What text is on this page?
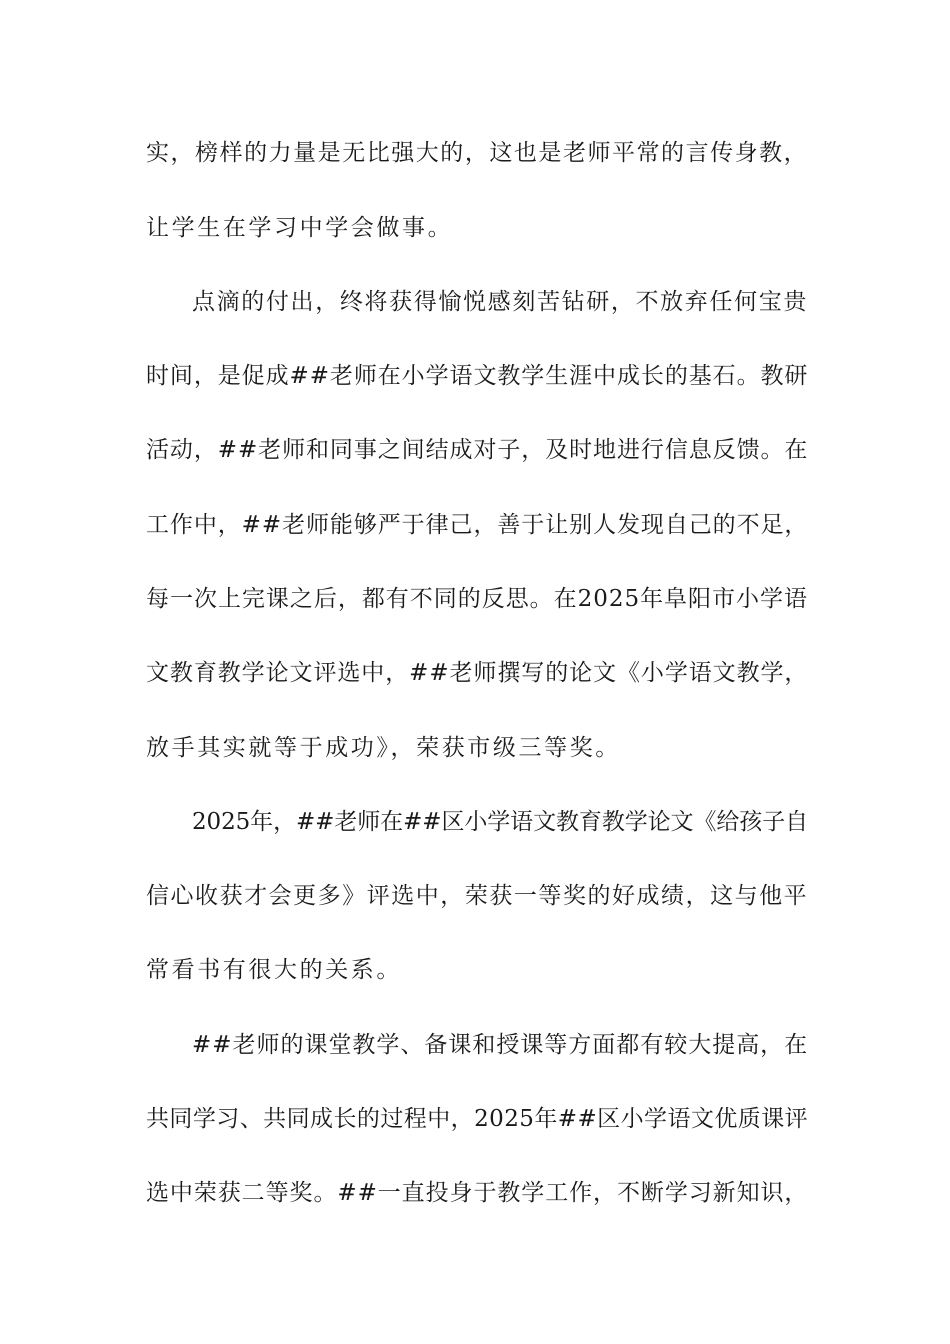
实，榜样的力量是无比强大的，这也是老师平常的言传身教，
让学生在学习中学会做事。
点滴的付出，终将获得愉悦感刻苦钻研，不放弃任何宝贵
时间，是促成##老师在小学语文教学生涯中成长的基石。教研
活动，##老师和同事之间结成对子，及时地进行信息反馈。在
工作中，##老师能够严于律己，善于让别人发现自己的不足，
每一次上完课之后，都有不同的反思。在2025年阜阳市小学语
文教育教学论文评选中，##老师撰写的论文《小学语文教学，
放手其实就等于成功》，荣获市级三等奖。
2025年，##老师在##区小学语文教育教学论文《给孩子自
信心收获才会更多》评选中，荣获一等奖的好成绩，这与他平
常看书有很大的关系。
##老师的课堂教学、备课和授课等方面都有较大提高，在
共同学习、共同成长的过程中，2025年##区小学语文优质课评
选中荣获二等奖。##一直投身于教学工作，不断学习新知识，
